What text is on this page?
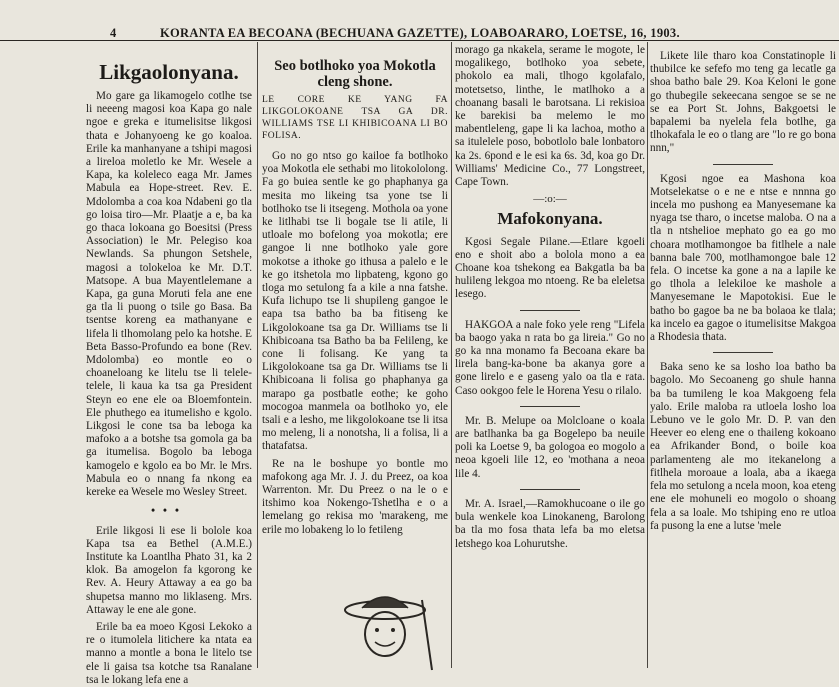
4	KORANTA EA BECOANA (BECHUANA GAZETTE), LOABOARARO, LOETSE, 16, 1903.
Likgaolonyana.

Mo gare ga likamogelo cotlhe tse li neeeng magosi koa Kapa go nale ngoe e greka e itumelisitse likgosi thata e Johanyoeng ke go koaloa. Erile ka manhanyane a tshipi magosi a lireloa moletlo ke Mr. Wesele a Kapa, ka koleleco eaga Mr. James Mabula ea Hope-street. Rev. E. Mdolomba a coa koa Ndabeni go tla go loisa tiro—Mr. Plaatje a e, ba ka go thaca lokoana go Boesitsi (Press Association) le Mr. Pelegiso koa Newlands. Sa phungon Setshele, magosi a tolokeloa ke Mr. D.T. Matsope. A bua Mayentlelemane a Kapa, ga guna Moruti fela ane ene ga tla li puong o tsile go Basa. Ba tsentse koreng ea mathanyane e lifela li tlhomolang pelo ka hotshe. E Beta Basso-Profundo ea bone (Rev. Mdolomba) eo montle eo o choaneloang ke litelu tse li telele-telele, li kaua ka tsa ga President Steyn eo ene ele oa Bloemfontein. Ele phuthego ea itumelisho e kgolo. Likgosi le cone tsa ba leboga ka mafoko a a botshe tsa gomola ga ba ga itumelisa. Bogolo ba leboga kamogelo e kgolo ea bo Mr. le Mrs. Mabula eo o nnang fa nkong ea kereke ea Wesele mo Wesley Street.

•••

Erile likgosi li ese li bolole koa Kapa tsa ea Bethel (A.M.E.) Institute ka Loantlha Phato 31, ka 2 klok. Ba amogelon fa kgorong ke Rev. A. Heury Attaway a ea go ba shupetsa manno mo liklaseng. Mrs. Attaway le ene ale gone.

Erile ba ea moeo Kgosi Lekoko a re o itumolela litichere ka ntata ea manno a montle a bona le litelo tse ele li gaisa tsa kotche tsa Ranalane tsa le lokang lefa ene a

Seo botlhoko yoa Mokotla cleng shone.
LE CORE KE YANG FA LIKGOLOKOANE TSA GA DR. WILLIAMS TSE LI KHIBICOANA LI BO FOLISA.

Go no go ntso go kailoe fa botlhoko yoa Mokotla ele sethabi mo litokololong. Fa go buiea sentle ke go phaphanya ga mesita mo likeing tsa yone tse li botlhoko tse li itsegeng. Mothola oa yone ke litlhabi tse li bogale tse li atile, li utloale mo bofelong yoa mokotla; ere gangoe li nne botlhoko yale gore mokotse a ithoke go ithusa a palelo e le ke go itshetola mo lipbateng, kgono go tloga mo setulong fa a kile a nna fatshe. Kufa lichupo tse li shupileng gangoe le eapa tsa batho ba ba fitiseng ke Likgolokoane tsa ga Dr. Williams tse li Khibicoana tsa Batho ba ba Felileng, ke cone li folisang. Ke yang ta Likgolokoane tsa ga Dr. Williams tse li Khibicoana li folisa go phaphanya ga marapo ga postbatle eothe; ke goho mocogoa manmela oa botlhoko yo, ele tsali e a lesho, me likgolokoane tse li itsa mo meleng, li a nonotsha, li a folisa, li a thatafatsa.

Re na le boshupe yo bontle mo mafokong aga Mr. J. J. du Preez, oa koa Warrenton. Mr. Du Preez o na le o e itshimo koa Nokengo-Tshetlha e o a lemelang go rekisa mo 'marakeng, me erile mo lobakeng lo lo fetileng

morago ga nkakela, serame le mogote, le mogalikego, botlhoko yoa sebete, phokolo ea mali, tlhogo kgolafalo, motetsetso, linthe, le matlhoko a a choanang basali le barotsana. Li rekisioa ke barekisi ba melemo le mo mabentleleng, gape li ka lachoa, motho a sa itulelele poso, bobotlolo bale lonbatoro ka 2s. 6pond e le esi ka 6s. 3d, koa go Dr. Williams' Medicine Co., 77 Longstreet, Cape Town.

—:o:—
Mafokonyana.

Kgosi Segale Pilane.—Etlare kgoeli eno e shoit abo a bolola mono a ea Choane koa tshekong ea Bakgatla ba ba hulileng lekgoa mo ntoeng. Re ba eleletsa lesego.

HAKGOA a nale foko yele reng "Lifela ba baogo yaka n rata bo ga lireia." Go no go ka nna monamo fa Becoana ekare ba lirela bang-ka-bone ba akanya gore a gone lirelo e e gaseng yalo oa tla e rata. Caso ookgoo fele le Horena Yesu o rilalo.

Mr. B. Melupe oa Molcloane o koala are batlhanka ba ga Bogelepo ba neuile poli ka Loetse 9, ba gologoa eo mogolo a neoa kgoeli lile 12, eo 'mothana a neoa lile 4.

Mr. A. Israel,—Ramokhucoane o ile go bula wenkele koa Linokaneng, Barolong ba tla mo fosa thata lefa ba mo eletsa letshego koa Lohurutshe.

Likete lile tharo koa Constatinople li thubilce ke sefefo mo teng ga lecatle ga shoa batho bale 29. Koa Keloni le gone go thubegile sekeecana sengoe se se ne se ea Port St. Johns, Bakgoetsi le bapalemi ba nyelela fela botlhe, ga tlhokafala le eo o tlang are "lo re go bona nnn,"

Kgosi ngoe ea Mashona koa Motselekatse o e ne e ntse e nnnna go incela mo pushong ea Manyesemane ka nyaga tse tharo, o incetse maloba. O na a tla n ntshelioe mephato go ea go mo choara motlhamongoe ba fitlhele a nale banna bale 700, motlhamongoe bale 12 fela. O incetse ka gone a na a lapile ke go tlhola a lelekiloe ke mashole a Manyesemane le Mapotokisi. Eue le batho bo gagoe ba ne ba bolaoa ke tlala; ka incelo ea gagoe o itumelisitse Makgoa a Rhodesia thata.

Baka seno ke sa losho loa batho ba bagolo. Mo Secoaneng go shule hanna ba ba tumileng le koa Makgoeng fela yalo. Erile maloba ra utloela losho loa Lebuno ve le golo Mr. D. P. van den Heever eo eleng ene o thaileng kokoano ea Afrikander Bond, o boile koa parlamenteng ale mo itekanelong a fitlhela moroaue a loala, aba a ikaega fela mo setulong a ncela moon, koa eteng ene ele mohuneli eo mogolo o shoang fela a sa loale. Mo tshiping eno re utloa fa pusong la ene a lutse 'mele
